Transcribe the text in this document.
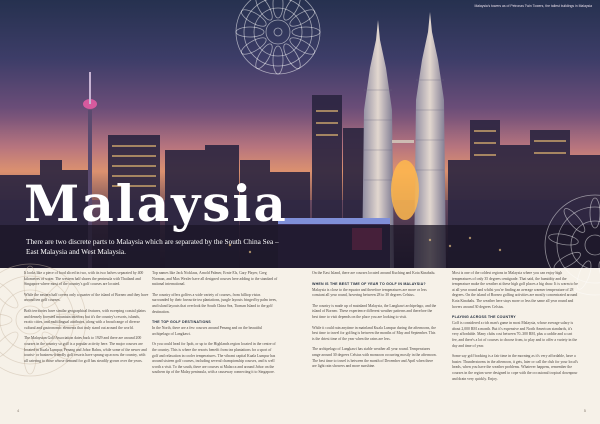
Malaysia's towers as of Petronas Twin Towers, the tallest buildings in Malaysia
Malaysia
There are two discrete parts to Malaysia which are separated by the South China Sea – East Malaysia and West Malaysia.

It looks like a piece of food sliced in two, with its two halves separated by 400 kilometres of water. The western half shares the peninsula with Thailand and Singapore where most of the country's golf courses are located.

While the eastern half covers only a quarter of the island of Borneo and they have around ten golf courses.

Both territories have similar geographical features, with sweeping coastal plains and densely forested mountain interiors but it's the country's resorts, islands, exotic cities, and multilingual attributes, along with a broad range of diverse cultural and gastronomic elements that truly stand out around the world.

The Malaysian Golf Association dates back to 1929 and there are around 200 courses in the country so golf is a popular activity here. The major courses are located in Kuala Lumpur, Penang and Johor Bahru, while some of the newer and tourist- or business-friendly golf resorts have sprung up across the country, with all catering to those whose demand for golf has steadily grown over the years.

Top names like Jack Nicklaus, Arnold Palmer, Ernie Els, Gary Player, Greg Norman, and Max Wexler have all designed courses here adding to the standard of national international.

The country offers golfers a wide variety of courses, from hilltop vistas surrounded by their favourite tea plantations, jungle layouts fringed by palm trees, and island layouts that overlook the South China Sea, Tioman Island to the golf destination.

THE TOP GOLF DESTINATIONS

In the North, there are a few courses around Penang and on the beautiful archipelago of Langkawi.

Or you could head for Ipoh, or up to the Highlands region located in the centre of the country. This is where the resorts benefit from tea plantations for a sport of golf and relaxation in cooler temperatures. The vibrant capital Kuala Lumpur has around sixteen golf courses, including several championship courses, and is well worth a visit. To the south, there are courses at Malacca and around Johor on the southern tip of the Malay peninsula, with a causeway connecting it to Singapore.

On the East Island, there are courses located around Kuching and Kota Kinabalu.

WHEN IS THE BEST TIME OF YEAR TO GOLF IN MALAYSIA?

Malaysia is close to the equator and therefore temperatures are more or less constant all year round, hovering between 28 to 30 degrees Celsius.

The country is made up of mainland Malaysia, the Langkawi archipelago, and the island of Borneo. These experience different weather patterns and therefore the best time to visit depends on the place you are looking to visit.

While it could rain anytime in mainland Kuala Lumpur during the afternoons, the best time to travel for golfing is between the months of May and September. This is the driest time of the year when the rains are less.

The archipelago of Langkawi has stable weather all year round. Temperatures range around 30 degrees Celsius with monsoon occurring mostly in the afternoon. The best time to travel is between the month of December and April when there are light rain showers and more sunshine.

Most is one of the coldest regions in Malaysia where you can enjoy high temperatures of only 35 degrees centigrade. That said, the humidity and the temperature make the weather at these high golf places a big draw. It is warm to be at all year round and whilst you're finding an average warmer temperature of 28 degrees. On the island of Borneo golfing activities are mostly concentrated around Kota Kinabalu. The weather here stays more or less the same all year round and hovers around 30 degrees Celsius.

PLAYING ACROSS THE COUNTRY

Golf is considered a rich man's game in most Malaysia, whose average salary is about 2,000 RM a month. But it's expensive and North American standards, it's very affordable. Many clubs cost between 70–300 RM, plus a caddie and a cart fee, and there's a lot of courses to choose from, to play and to offer a variety in the day and time of year.

Some say golf booking is a fair time in the morning as it's very affordable, have a busier. Thunderstorms in the afternoon, it gets, later or call the club for your local's heads, when you have the weather problems. Whatever happens, remember the courses in the region were designed to cope with the occasional tropical downpour and drain very quickly. Enjoy.

4	5
